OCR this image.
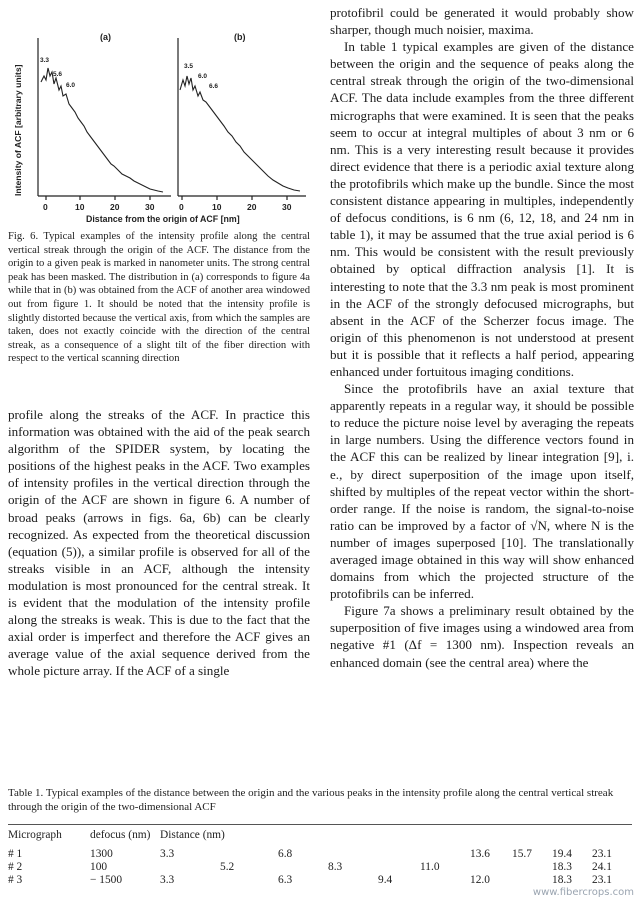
Intensity of ACF [arbitrary units]
(a)	(b)
3.3
5.6
6.0
3.5
6.0
6.6
0	10	20	30	0	10	20	30
Distance from the origin of ACF [nm]

Fig. 6. Typical examples of the intensity profile along the central vertical streak through the origin of the ACF. The distance from the origin to a given peak is marked in nanometer units. The strong central peak has been masked. The distribution in (a) corresponds to figure 4a while that in (b) was obtained from the ACF of another area windowed out from figure 1. It should be noted that the intensity profile is slightly distorted because the vertical axis, from which the samples are taken, does not exactly coincide with the direction of the central streak, as a consequence of a slight tilt of the fiber direction with respect to the vertical scanning direction

profile along the streaks of the ACF. In practice this information was obtained with the aid of the peak search algorithm of the SPIDER system, by locating the positions of the highest peaks in the ACF. Two examples of intensity profiles in the vertical direction through the origin of the ACF are shown in figure 6. A number of broad peaks (arrows in figs. 6a, 6b) can be clearly recognized. As expected from the theoretical discussion (equation (5)), a similar profile is observed for all of the streaks visible in an ACF, although the intensity modulation is most pronounced for the central streak. It is evident that the modulation of the intensity profile along the streaks is weak. This is due to the fact that the axial order is imperfect and therefore the ACF gives an average value of the axial sequence derived from the whole picture array. If the ACF of a single

protofibril could be generated it would probably show sharper, though much noisier, maxima.

In table 1 typical examples are given of the distance between the origin and the sequence of peaks along the central streak through the origin of the two-dimensional ACF. The data include examples from the three different micrographs that were examined. It is seen that the peaks seem to occur at integral multiples of about 3 nm or 6 nm. This is a very interesting result because it provides direct evidence that there is a periodic axial texture along the protofibrils which make up the bundle. Since the most consistent distance appearing in multiples, independently of defocus conditions, is 6 nm (6, 12, 18, and 24 nm in table 1), it may be assumed that the true axial period is 6 nm. This would be consistent with the result previously obtained by optical diffraction analysis [1]. It is interesting to note that the 3.3 nm peak is most prominent in the ACF of the strongly defocused micrographs, but absent in the ACF of the Scherzer focus image. The origin of this phenomenon is not understood at present but it is possible that it reflects a half period, appearing enhanced under fortuitous imaging conditions.

Since the protofibrils have an axial texture that apparently repeats in a regular way, it should be possible to reduce the picture noise level by averaging the repeats in large numbers. Using the difference vectors found in the ACF this can be realized by linear integration [9], i. e., by direct superposition of the image upon itself, shifted by multiples of the repeat vector within the short-order range. If the noise is random, the signal-to-noise ratio can be improved by a factor of √N, where N is the number of images superposed [10]. The translationally averaged image obtained in this way will show enhanced domains from which the projected structure of the protofibrils can be inferred.

Figure 7a shows a preliminary result obtained by the superposition of five images using a windowed area from negative #1 (Δf = 1300 nm). Inspection reveals an enhanced domain (see the central area) where the

Table 1. Typical examples of the distance between the origin and the various peaks in the intensity profile along the central vertical streak through the origin of the two-dimensional ACF

Micrograph	defocus (nm)	Distance (nm)									
# 1	1300	3.3		6.8				13.6	15.7	19.4	23.1
# 2	100		5.2		8.3		11.0			18.3	24.1
# 3	− 1500	3.3		6.3		9.4		12.0		18.3	23.1
www.fibercrops.com
